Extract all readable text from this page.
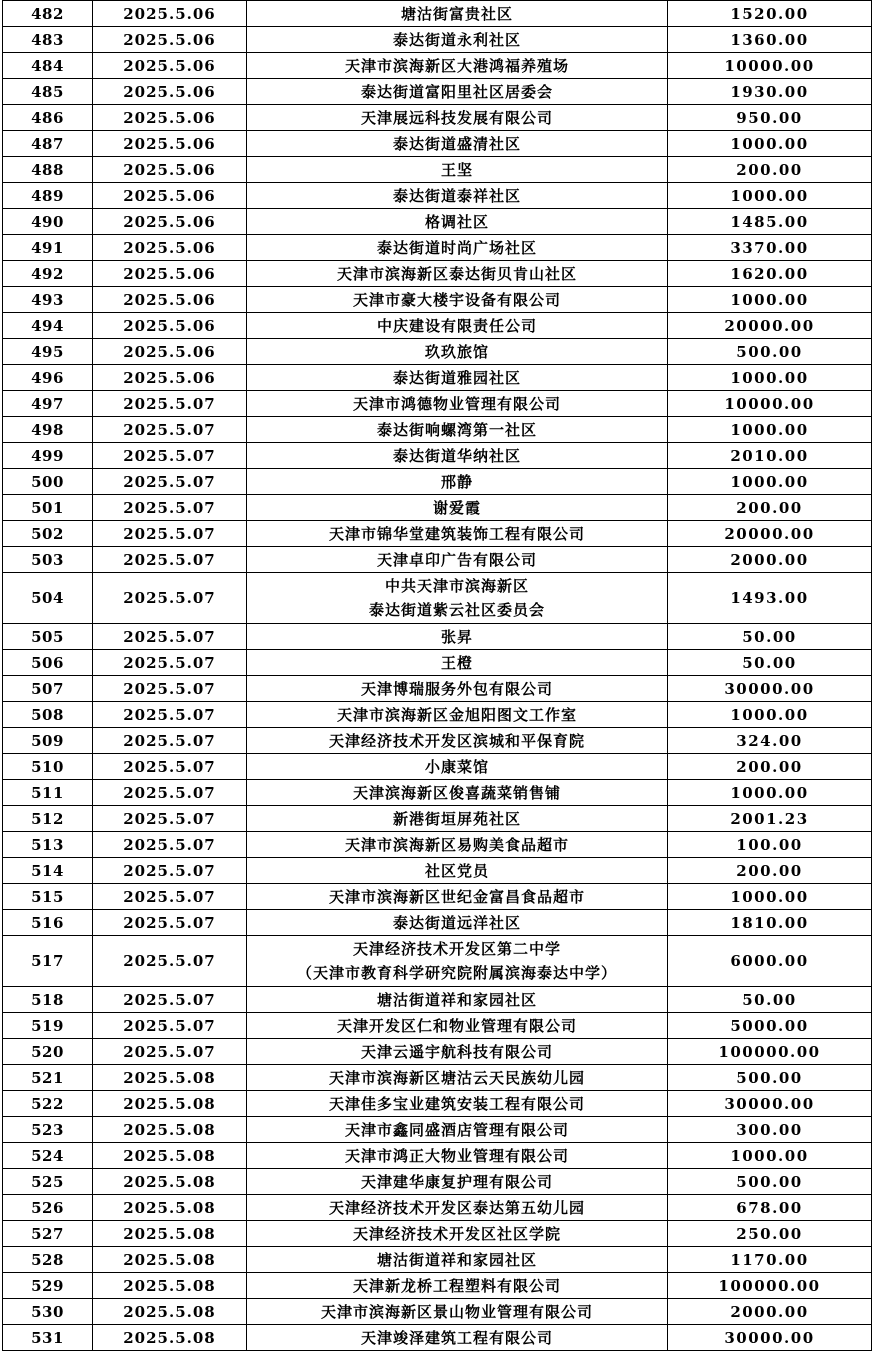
482	2025.5.06	塘沽街富贵社区	1520.00
483	2025.5.06	泰达街道永利社区	1360.00
484	2025.5.06	天津市滨海新区大港鸿福养殖场	10000.00
485	2025.5.06	泰达街道富阳里社区居委会	1930.00
486	2025.5.06	天津展远科技发展有限公司	950.00
487	2025.5.06	泰达街道盛清社区	1000.00
488	2025.5.06	王坚	200.00
489	2025.5.06	泰达街道泰祥社区	1000.00
490	2025.5.06	格调社区	1485.00
491	2025.5.06	泰达街道时尚广场社区	3370.00
492	2025.5.06	天津市滨海新区泰达街贝肯山社区	1620.00
493	2025.5.06	天津市豪大楼宇设备有限公司	1000.00
494	2025.5.06	中庆建设有限责任公司	20000.00
495	2025.5.06	玖玖旅馆	500.00
496	2025.5.06	泰达街道雅园社区	1000.00
497	2025.5.07	天津市鸿德物业管理有限公司	10000.00
498	2025.5.07	泰达街响螺湾第一社区	1000.00
499	2025.5.07	泰达街道华纳社区	2010.00
500	2025.5.07	邢静	1000.00
501	2025.5.07	谢爱霞	200.00
502	2025.5.07	天津市锦华堂建筑装饰工程有限公司	20000.00
503	2025.5.07	天津卓印广告有限公司	2000.00
504	2025.5.07	中共天津市滨海新区
泰达街道紫云社区委员会	1493.00
505	2025.5.07	张昇	50.00
506	2025.5.07	王橙	50.00
507	2025.5.07	天津博瑞服务外包有限公司	30000.00
508	2025.5.07	天津市滨海新区金旭阳图文工作室	1000.00
509	2025.5.07	天津经济技术开发区滨城和平保育院	324.00
510	2025.5.07	小康菜馆	200.00
511	2025.5.07	天津滨海新区俊喜蔬菜销售铺	1000.00
512	2025.5.07	新港街垣屏苑社区	2001.23
513	2025.5.07	天津市滨海新区易购美食品超市	100.00
514	2025.5.07	社区党员	200.00
515	2025.5.07	天津市滨海新区世纪金富昌食品超市	1000.00
516	2025.5.07	泰达街道远洋社区	1810.00
517	2025.5.07	天津经济技术开发区第二中学
（天津市教育科学研究院附属滨海泰达中学）	6000.00
518	2025.5.07	塘沽街道祥和家园社区	50.00
519	2025.5.07	天津开发区仁和物业管理有限公司	5000.00
520	2025.5.07	天津云遥宇航科技有限公司	100000.00
521	2025.5.08	天津市滨海新区塘沽云天民族幼儿园	500.00
522	2025.5.08	天津佳多宝业建筑安装工程有限公司	30000.00
523	2025.5.08	天津市鑫同盛酒店管理有限公司	300.00
524	2025.5.08	天津市鸿正大物业管理有限公司	1000.00
525	2025.5.08	天津建华康复护理有限公司	500.00
526	2025.5.08	天津经济技术开发区泰达第五幼儿园	678.00
527	2025.5.08	天津经济技术开发区社区学院	250.00
528	2025.5.08	塘沽街道祥和家园社区	1170.00
529	2025.5.08	天津新龙桥工程塑料有限公司	100000.00
530	2025.5.08	天津市滨海新区景山物业管理有限公司	2000.00
531	2025.5.08	天津竣泽建筑工程有限公司	30000.00
